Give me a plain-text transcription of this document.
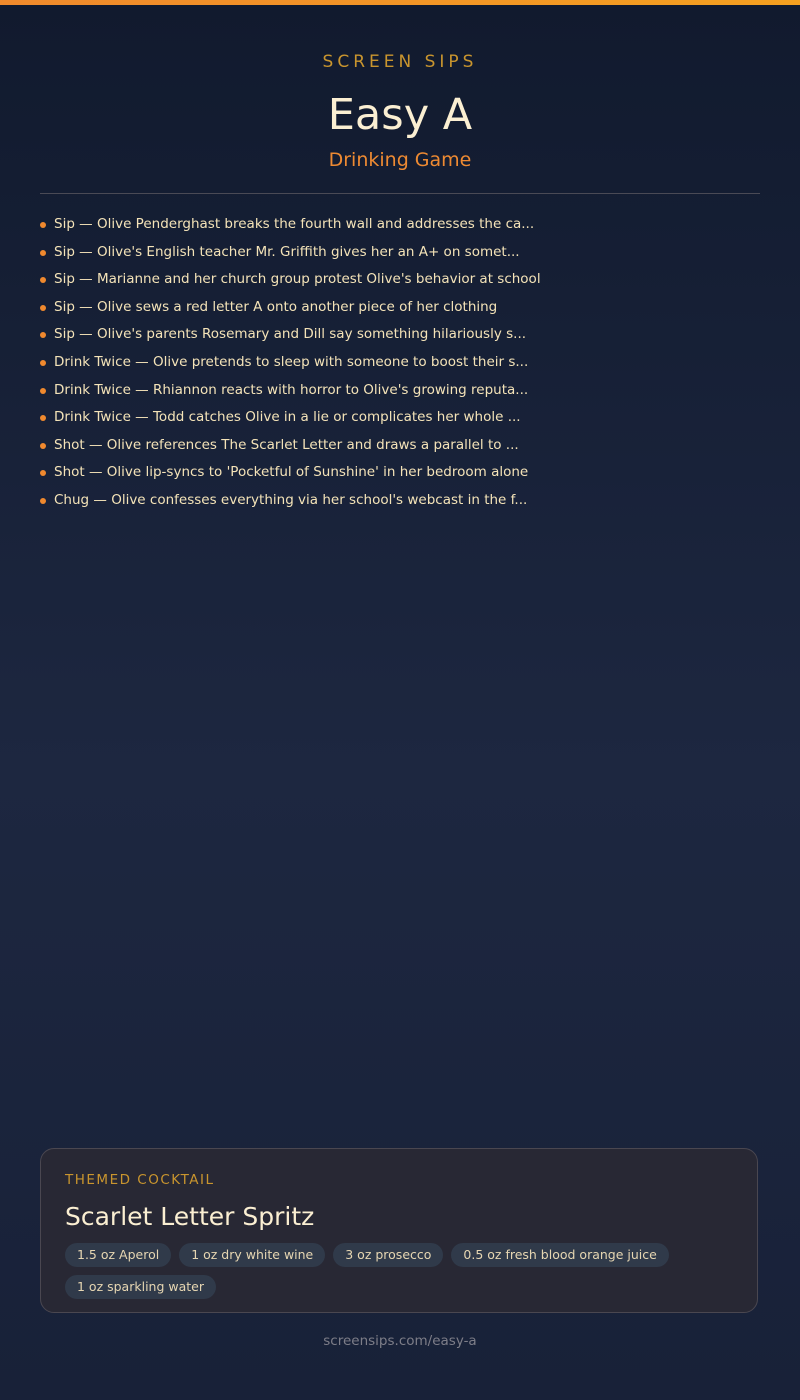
SCREEN SIPS

Easy A

Drinking Game

Sip — Olive Penderghast breaks the fourth wall and addresses the ca...
Sip — Olive's English teacher Mr. Griffith gives her an A+ on somet...
Sip — Marianne and her church group protest Olive's behavior at school
Sip — Olive sews a red letter A onto another piece of her clothing
Sip — Olive's parents Rosemary and Dill say something hilariously s...
Drink Twice — Olive pretends to sleep with someone to boost their s...
Drink Twice — Rhiannon reacts with horror to Olive's growing reputa...
Drink Twice — Todd catches Olive in a lie or complicates her whole ...
Shot — Olive references The Scarlet Letter and draws a parallel to ...
Shot — Olive lip-syncs to 'Pocketful of Sunshine' in her bedroom alone
Chug — Olive confesses everything via her school's webcast in the f...

THEMED COCKTAIL

Scarlet Letter Spritz
1.5 oz Aperol	1 oz dry white wine	3 oz prosecco	0.5 oz fresh blood orange juice
1 oz sparkling water
screensips.com/easy-a
